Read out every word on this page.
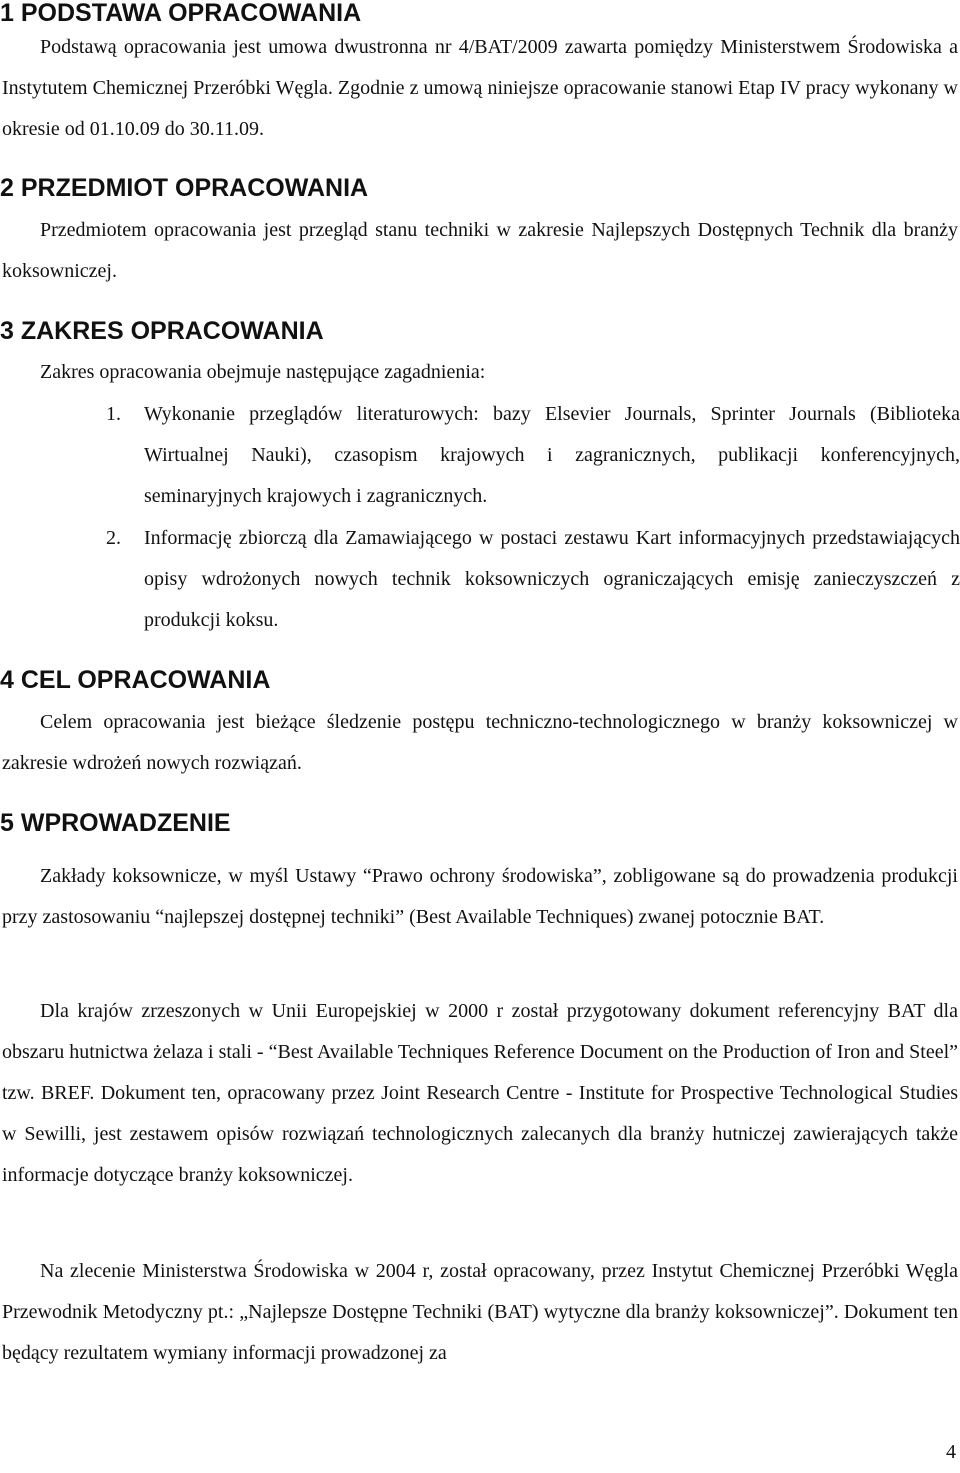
1 PODSTAWA OPRACOWANIA

Podstawą opracowania jest umowa dwustronna nr 4/BAT/2009 zawarta pomiędzy Ministerstwem Środowiska a Instytutem Chemicznej Przeróbki Węgla. Zgodnie z umową niniejsze opracowanie stanowi Etap IV pracy wykonany w okresie od 01.10.09 do 30.11.09.

2 PRZEDMIOT OPRACOWANIA

Przedmiotem opracowania jest przegląd stanu techniki w zakresie Najlepszych Dostępnych Technik dla branży koksowniczej.

3 ZAKRES OPRACOWANIA

Zakres opracowania obejmuje następujące zagadnienia:

1. Wykonanie przeglądów literaturowych: bazy Elsevier Journals, Sprinter Journals (Biblioteka Wirtualnej Nauki), czasopism krajowych i zagranicznych, publikacji konferencyjnych, seminaryjnych krajowych i zagranicznych.
2. Informację zbiorczą dla Zamawiającego w postaci zestawu Kart informacyjnych przedstawiających opisy wdrożonych nowych technik koksowniczych ograniczających emisję zanieczyszczeń z produkcji koksu.
4 CEL OPRACOWANIA

Celem opracowania jest bieżące śledzenie postępu techniczno-technologicznego w branży koksowniczej w zakresie wdrożeń nowych rozwiązań.

5 WPROWADZENIE

Zakłady koksownicze, w myśl Ustawy “Prawo ochrony środowiska”, zobligowane są do prowadzenia produkcji przy zastosowaniu “najlepszej dostępnej techniki” (Best Available Techniques) zwanej potocznie BAT.

Dla krajów zrzeszonych w Unii Europejskiej w 2000 r został przygotowany dokument referencyjny BAT dla obszaru hutnictwa żelaza i stali - “Best Available Techniques Reference Document on the Production of Iron and Steel” tzw. BREF. Dokument ten, opracowany przez Joint Research Centre - Institute for Prospective Technological Studies w Sewilli, jest zestawem opisów rozwiązań technologicznych zalecanych dla branży hutniczej zawierających także informacje dotyczące branży koksowniczej.

Na zlecenie Ministerstwa Środowiska w 2004 r, został opracowany, przez Instytut Chemicznej Przeróbki Węgla Przewodnik Metodyczny pt.: „Najlepsze Dostępne Techniki (BAT) wytyczne dla branży koksowniczej”. Dokument ten będący rezultatem wymiany informacji prowadzonej za

4
